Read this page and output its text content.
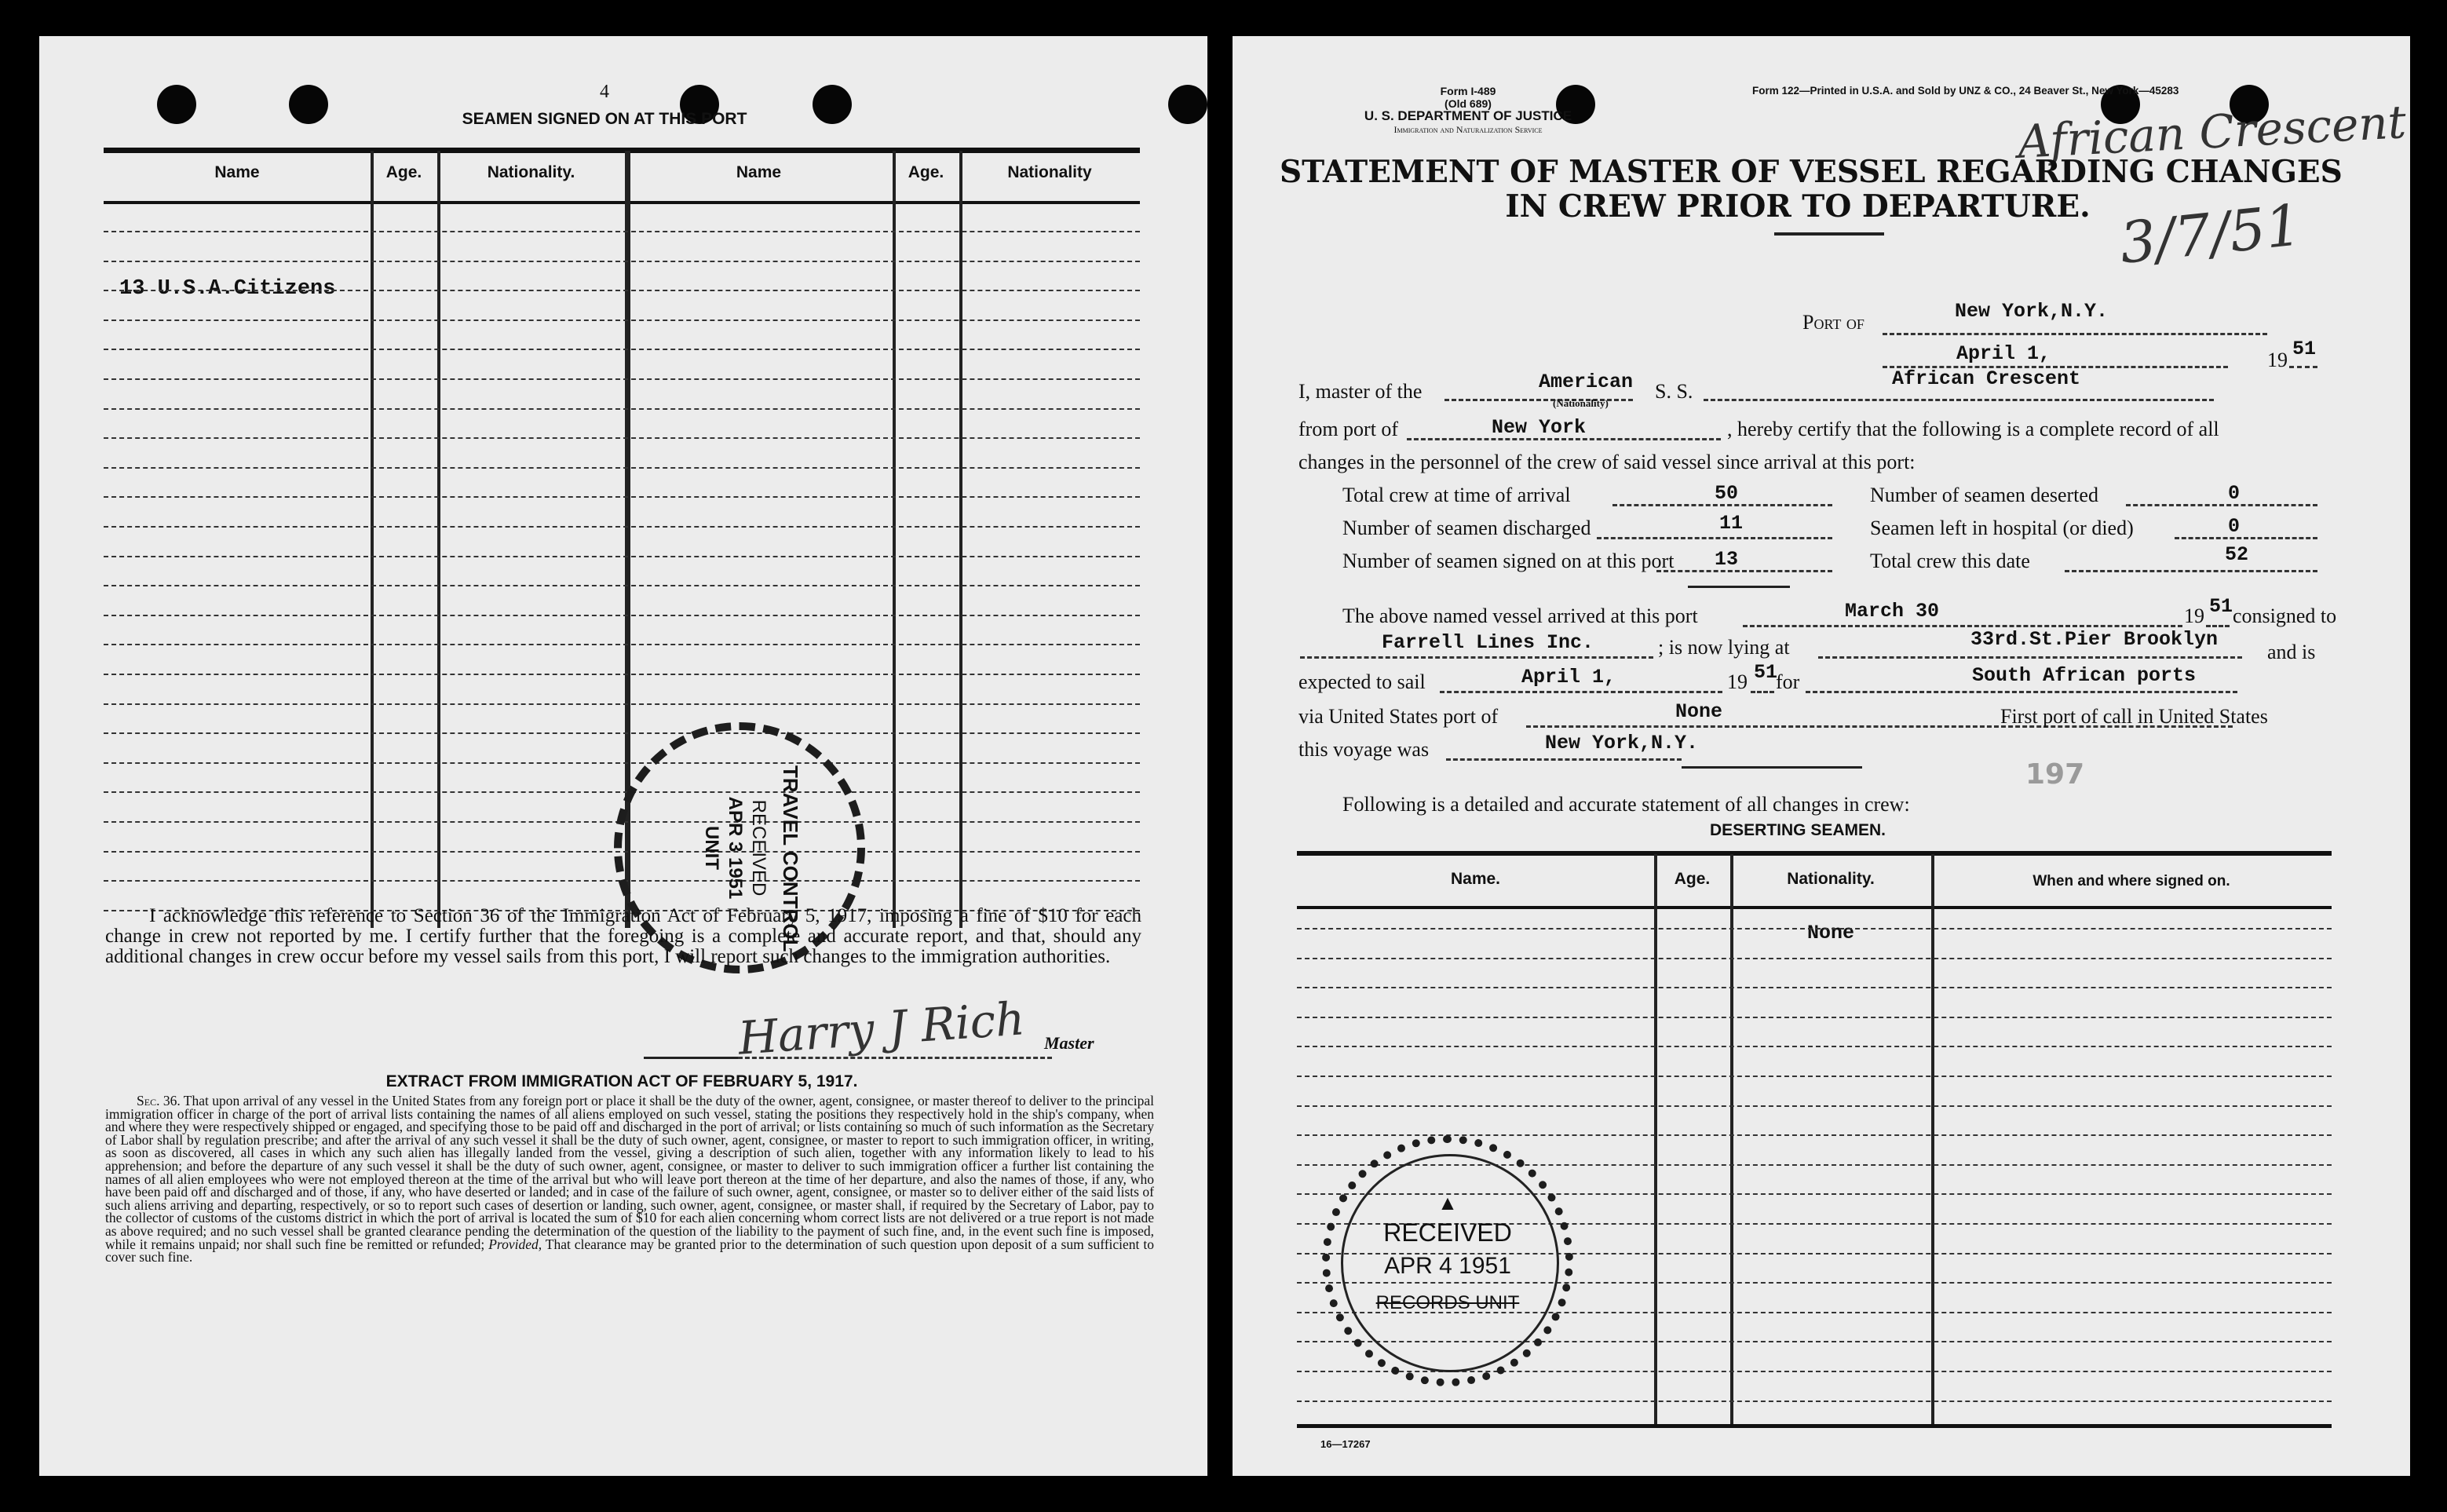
4
SEAMEN SIGNED ON AT THIS PORT
Name	Age.	Nationality.	Name	Age.	Nationality
13 U.S.A.Citizens
TRAVEL CONTROL
RECEIVED
APR 3 1951
UNIT
I acknowledge this reference to Section 36 of the Immigration Act of February 5, 1917, imposing a fine of $10 for each change in crew not reported by me. I certify further that the foregoing is a complete and accurate report, and that, should any additional changes in crew occur before my vessel sails from this port, I will report such changes to the immigration authorities.
Harry J Rich Master
EXTRACT FROM IMMIGRATION ACT OF FEBRUARY 5, 1917.
Sec. 36. That upon arrival of any vessel in the United States from any foreign port or place it shall be the duty of the owner, agent, consignee, or master thereof to deliver to the principal immigration officer in charge of the port of arrival lists containing the names of all aliens employed on such vessel, stating the positions they respectively hold in the ship's company, when and where they were respectively shipped or engaged, and specifying those to be paid off and discharged in the port of arrival; or lists containing so much of such information as the Secretary of Labor shall by regulation prescribe; and after the arrival of any such vessel it shall be the duty of such owner, agent, consignee, or master to report to such immigration officer, in writing, as soon as discovered, all cases in which any such alien has illegally landed from the vessel, giving a description of such alien, together with any information likely to lead to his apprehension; and before the departure of any such vessel it shall be the duty of such owner, agent, consignee, or master to deliver to such immigration officer a further list containing the names of all alien employees who were not employed thereon at the time of the arrival but who will leave port thereon at the time of her departure, and also the names of those, if any, who have been paid off and discharged and of those, if any, who have deserted or landed; and in case of the failure of such owner, agent, consignee, or master so to deliver either of the said lists of such aliens arriving and departing, respectively, or so to report such cases of desertion or landing, such owner, agent, consignee, or master shall, if required by the Secretary of Labor, pay to the collector of customs of the customs district in which the port of arrival is located the sum of $10 for each alien concerning whom correct lists are not delivered or a true report is not made as above required; and no such vessel shall be granted clearance pending the determination of the question of the liability to the payment of such fine, and, in the event such fine is imposed, while it remains unpaid; nor shall such fine be remitted or refunded; Provided, That clearance may be granted prior to the determination of such question upon deposit of a sum sufficient to cover such fine.
Form I-489
(Old 689)
U. S. DEPARTMENT OF JUSTICE
Immigration and Naturalization Service
Form 122—Printed in U.S.A. and Sold by UNZ & CO., 24 Beaver St., New York—45283
African Crescent
3/7/51
STATEMENT OF MASTER OF VESSEL REGARDING CHANGES
IN CREW PRIOR TO DEPARTURE.
Port of	New York,N.Y.
April 1,	19 51
I, master of the	American
(Nationality)
S. S.
African Crescent
from port of	New York	, hereby certify that the following is a complete record of all
changes in the personnel of the crew of said vessel since arrival at this port:
Total crew at time of arrival	50	Number of seamen deserted	0
Number of seamen discharged	11	Seamen left in hospital (or died)	0
Number of seamen signed on at this port 13	Total crew this date	52
The above named vessel arrived at this port	March 30	19 51 consigned to
Farrell Lines Inc.	; is now lying at	33rd.St.Pier Brooklyn
and is
expected to sail	April 1,	19 51
for	South African ports
via United States port of	None	First port of call in United States
this voyage was	New York,N.Y.
197
Following is a detailed and accurate statement of all changes in crew:
DESERTING SEAMEN.
Name.	Age.	Nationality.	When and where signed on.
None
▲
RECEIVED
APR 4 1951
RECORDS UNIT
16—17267
